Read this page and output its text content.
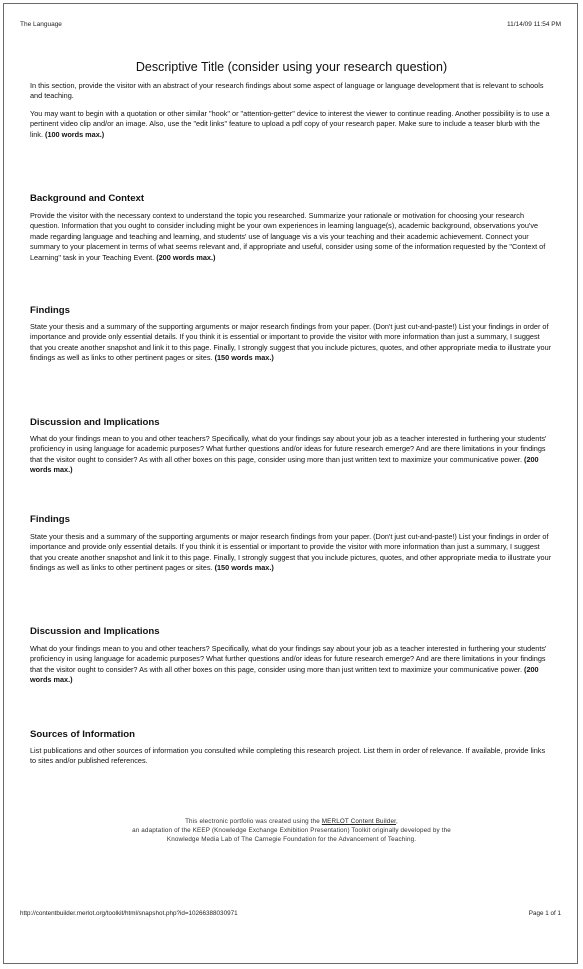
The Language	11/14/09 11:54 PM
Descriptive Title (consider using your research question)

In this section, provide the visitor with an abstract of your research findings about some aspect of language or language development that is relevant to schools and teaching.

You may want to begin with a quotation or other similar "hook" or "attention-getter" device to interest the viewer to continue reading. Another possibility is to use a pertinent video clip and/or an image. Also, use the "edit links" feature to upload a pdf copy of your research paper. Make sure to include a teaser blurb with the link. (100 words max.)

Background and Context

Provide the visitor with the necessary context to understand the topic you researched. Summarize your rationale or motivation for choosing your research question. Information that you ought to consider including might be your own experiences in learning language(s), academic background, observations you've made regarding language and teaching and learning, and students' use of language vis a vis your teaching and their academic achievement. Connect your summary to your placement in terms of what seems relevant and, if appropriate and useful, consider using some of the information requested by the "Context of Learning" task in your Teaching Event. (200 words max.)

Findings

State your thesis and a summary of the supporting arguments or major research findings from your paper. (Don't just cut-and-paste!) List your findings in order of importance and provide only essential details. If you think it is essential or important to provide the visitor with more information than just a summary, I suggest that you create another snapshot and link it to this page. Finally, I strongly suggest that you include pictures, quotes, and other appropriate media to illustrate your findings as well as links to other pertinent pages or sites. (150 words max.)

Discussion and Implications

What do your findings mean to you and other teachers? Specifically, what do your findings say about your job as a teacher interested in furthering your students' proficiency in using language for academic purposes? What further questions and/or ideas for future research emerge? And are there limitations in your findings that the visitor ought to consider? As with all other boxes on this page, consider using more than just written text to maximize your communicative power. (200 words max.)

Findings

State your thesis and a summary of the supporting arguments or major research findings from your paper. (Don't just cut-and-paste!) List your findings in order of importance and provide only essential details. If you think it is essential or important to provide the visitor with more information than just a summary, I suggest that you create another snapshot and link it to this page. Finally, I strongly suggest that you include pictures, quotes, and other appropriate media to illustrate your findings as well as links to other pertinent pages or sites. (150 words max.)

Discussion and Implications

What do your findings mean to you and other teachers? Specifically, what do your findings say about your job as a teacher interested in furthering your students' proficiency in using language for academic purposes? What further questions and/or ideas for future research emerge? And are there limitations in your findings that the visitor ought to consider? As with all other boxes on this page, consider using more than just written text to maximize your communicative power. (200 words max.)

Sources of Information

List publications and other sources of information you consulted while completing this research project. List them in order of relevance. If available, provide links to sites and/or published references.

This electronic portfolio was created using the MERLOT Content Builder,
an adaptation of the KEEP (Knowledge Exchange Exhibition Presentation) Toolkit originally developed by the
Knowledge Media Lab of The Carnegie Foundation for the Advancement of Teaching.
http://contentbuilder.merlot.org/toolkit/html/snapshot.php?id=10266388030971	Page 1 of 1
